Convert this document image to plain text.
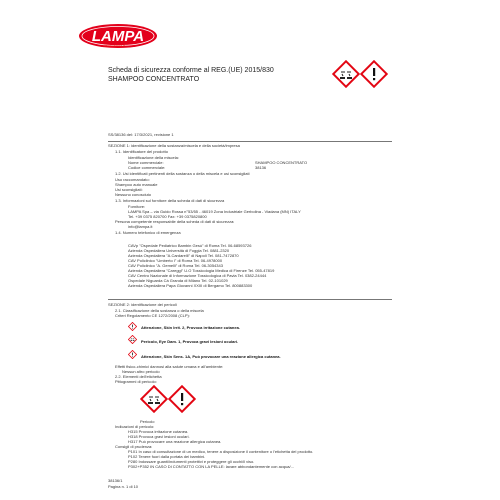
LAMPA
www.lampa.it
Scheda di sicurezza conforme al REG.(UE) 2015/830
SHAMPOO CONCENTRATO
SS/38136 del: 17/3/2021, revisione 1
SEZIONE 1: identificazione della sostanza/miscela e della società/impresa
1.1. Identificatore del prodotto
Identificazione della miscela:
Nome commerciale:	SHAMPOO CONCENTRATO
Codice commerciale:	38136
1.2. Usi identificati pertinenti della sostanza o della miscela e usi sconsigliati
Uso raccomandato:
Shampoo auto manuale
Usi sconsigliati:
Nessuno conosciuto
1.3. Informazioni sul fornitore della scheda di dati di sicurezza
Fornitore:
LAMPA Spa – via Guido Rossa n°53/55 - 46019 Zona Industriale Gerbolina - Viadana (MN) ITALY
Tel. +39 0375 820700 Fax: +39 0375820800
Persona competente responsabile della scheda di dati di sicurezza:
info@lampa.it
1.4. Numero telefonico di emergenza
CAVp "Ospedale Pediatrico Bambin Gesù" di Roma Tel. 06-68593726
Azienda Ospedaliera Università di Foggia Tel. 0881-2320
Azienda Ospedaliera "A.Cardarelli" di Napoli Tel. 081-7472870
CAV Policlinico "Umberto I" di Roma Tel. 06-4978000
CAV Policlinico "A. Gemelli" di Roma Tel. 06-3054343
Azienda Ospedaliera "Careggi" U.O Tossicologia Medica di Firenze Tel. 055-47819
CAV Centro Nazionale di Informazione Tossicologica di Pavia Tel. 0382-24444
Ospedale Niguarda Cà Granda di Milano Tel. 02-101029
Azienda Ospedaliera Papa Giovanni XXIII di Bergamo Tel. 800883300
SEZIONE 2: identificazione dei pericoli
2.1. Classificazione della sostanza o della miscela
Criteri Regolamento CE 1272/2008 (CLP):
Attenzione, Skin Irrit. 2, Provoca irritazione cutanea.
Pericolo, Eye Dam. 1, Provoca gravi lesioni oculari.
Attenzione, Skin Sens. 1A, Può provocare una reazione allergica cutanea.
Effetti fisico-chimici dannosi alla salute umana e all'ambiente:
Nessun altro pericolo
2.2. Elementi dell'etichetta
Pittogrammi di pericolo:
Pericolo
Indicazioni di pericolo:
H315 Provoca irritazione cutanea.
H318 Provoca gravi lesioni oculari.
H317 Può provocare una reazione allergica cutanea.
Consigli di prudenza:
P101 In caso di consultazione di un medico, tenere a disposizione il contenitore o l'etichetta del prodotto.
P102 Tenere fuori dalla portata dei bambini.
P280 Indossare guanti/indumenti protettivi e proteggere gli occhi/il viso.
P302+P352 IN CASO DI CONTATTO CON LA PELLE: lavare abbondantemente con acqua/...
38136/1
Pagina n. 1 di 10
